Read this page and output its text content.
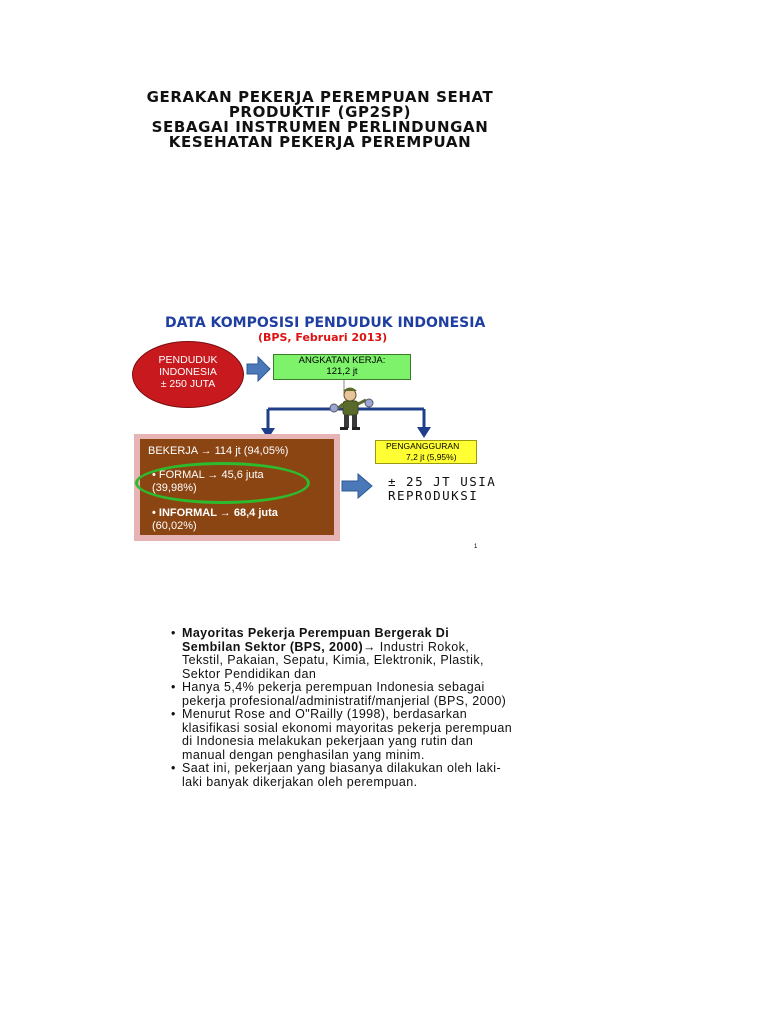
GERAKAN PEKERJA PEREMPUAN SEHAT
PRODUKTIF (GP2SP)
SEBAGAI INSTRUMEN PERLINDUNGAN
KESEHATAN PEKERJA PEREMPUAN
DATA KOMPOSISI PENDUDUK INDONESIA
(BPS, Februari 2013)
PENDUDUK
INDONESIA
± 250 JUTA
ANGKATAN KERJA:
121,2 jt
PENGANGGURAN
7,2 jt (5,95%)
BEKERJA → 114 jt (94,05%)
• FORMAL → 45,6 juta
(39,98%)
• INFORMAL → 68,4 juta
(60,02%)
± 25 JT USIA
REPRODUKSI
1
• Mayoritas Pekerja Perempuan Bergerak Di
Sembilan Sektor (BPS, 2000)→ Industri Rokok,
Tekstil, Pakaian, Sepatu, Kimia, Elektronik, Plastik,
Sektor Pendidikan dan
• Hanya 5,4% pekerja perempuan Indonesia sebagai
pekerja profesional/administratif/manjerial (BPS, 2000)
• Menurut Rose and O"Railly (1998), berdasarkan
klasifikasi sosial ekonomi mayoritas pekerja perempuan
di Indonesia melakukan pekerjaan yang rutin dan
manual dengan penghasilan yang minim.
• Saat ini, pekerjaan yang biasanya dilakukan oleh laki-
laki banyak dikerjakan oleh perempuan.
